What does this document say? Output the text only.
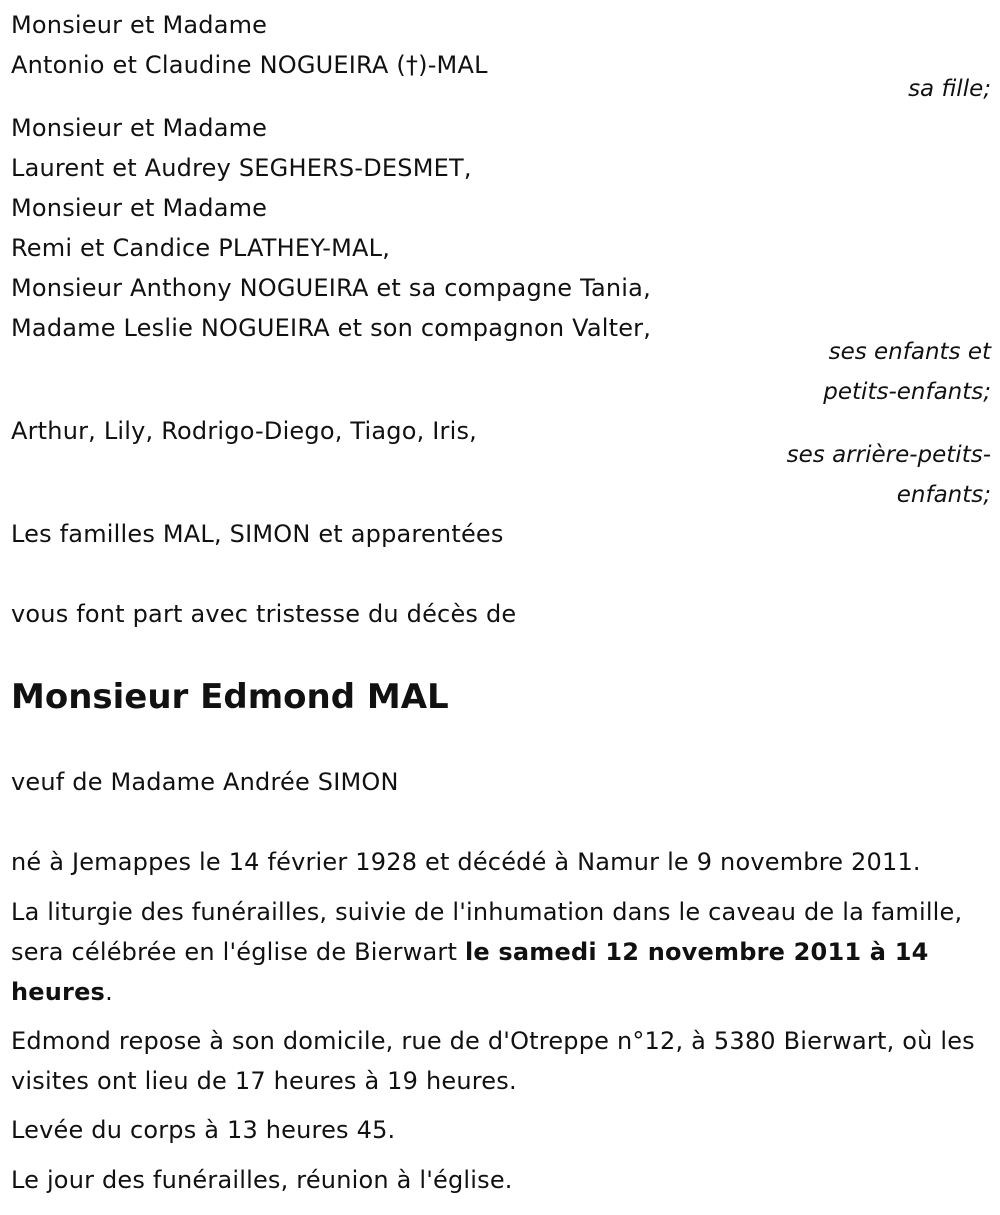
Monsieur et Madame
Antonio et Claudine NOGUEIRA (†)-MAL
sa fille;
Monsieur et Madame
Laurent et Audrey SEGHERS-DESMET,
Monsieur et Madame
Remi et Candice PLATHEY-MAL,
Monsieur Anthony NOGUEIRA et sa compagne Tania,
Madame Leslie NOGUEIRA et son compagnon Valter,
ses enfants et
petits-enfants;
Arthur, Lily, Rodrigo-Diego, Tiago, Iris,
ses arrière-petits-
enfants;
Les familles MAL, SIMON et apparentées
vous font part avec tristesse du décès de
Monsieur Edmond MAL
veuf de Madame Andrée SIMON
né à Jemappes le 14 février 1928 et décédé à Namur le 9 novembre 2011.
La liturgie des funérailles, suivie de l'inhumation dans le caveau de la famille, sera célébrée en l'église de Bierwart le samedi 12 novembre 2011 à 14 heures.
Edmond repose à son domicile, rue de d'Otreppe n°12, à 5380 Bierwart, où les visites ont lieu de 17 heures à 19 heures.
Levée du corps à 13 heures 45.
Le jour des funérailles, réunion à l'église.
